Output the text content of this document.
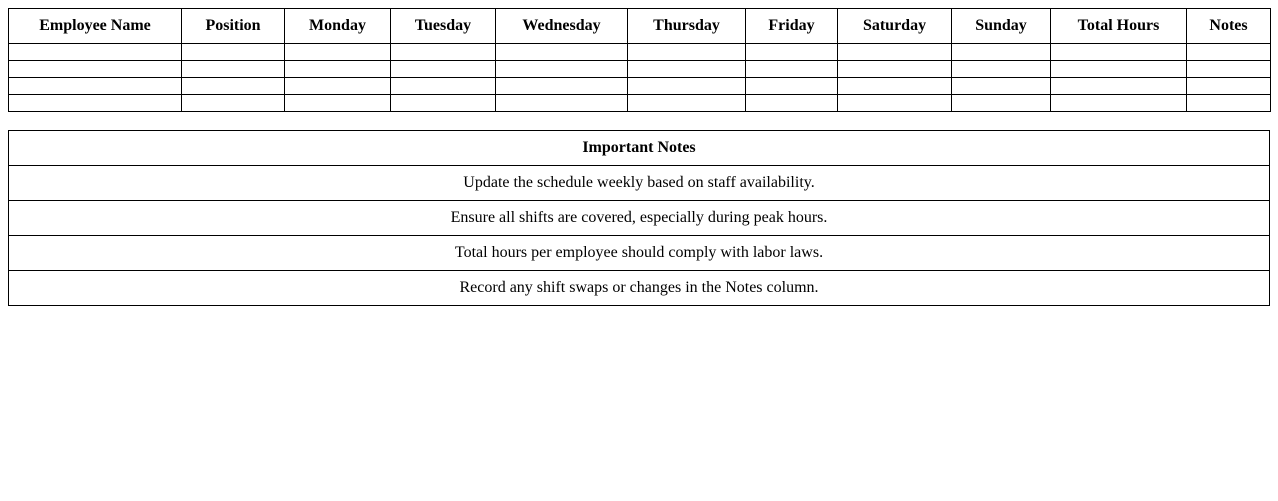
Employee Name	Position	Monday	Tuesday	Wednesday	Thursday	Friday	Saturday	Sunday	Total Hours	Notes

Important Notes
Update the schedule weekly based on staff availability.
Ensure all shifts are covered, especially during peak hours.
Total hours per employee should comply with labor laws.
Record any shift swaps or changes in the Notes column.
